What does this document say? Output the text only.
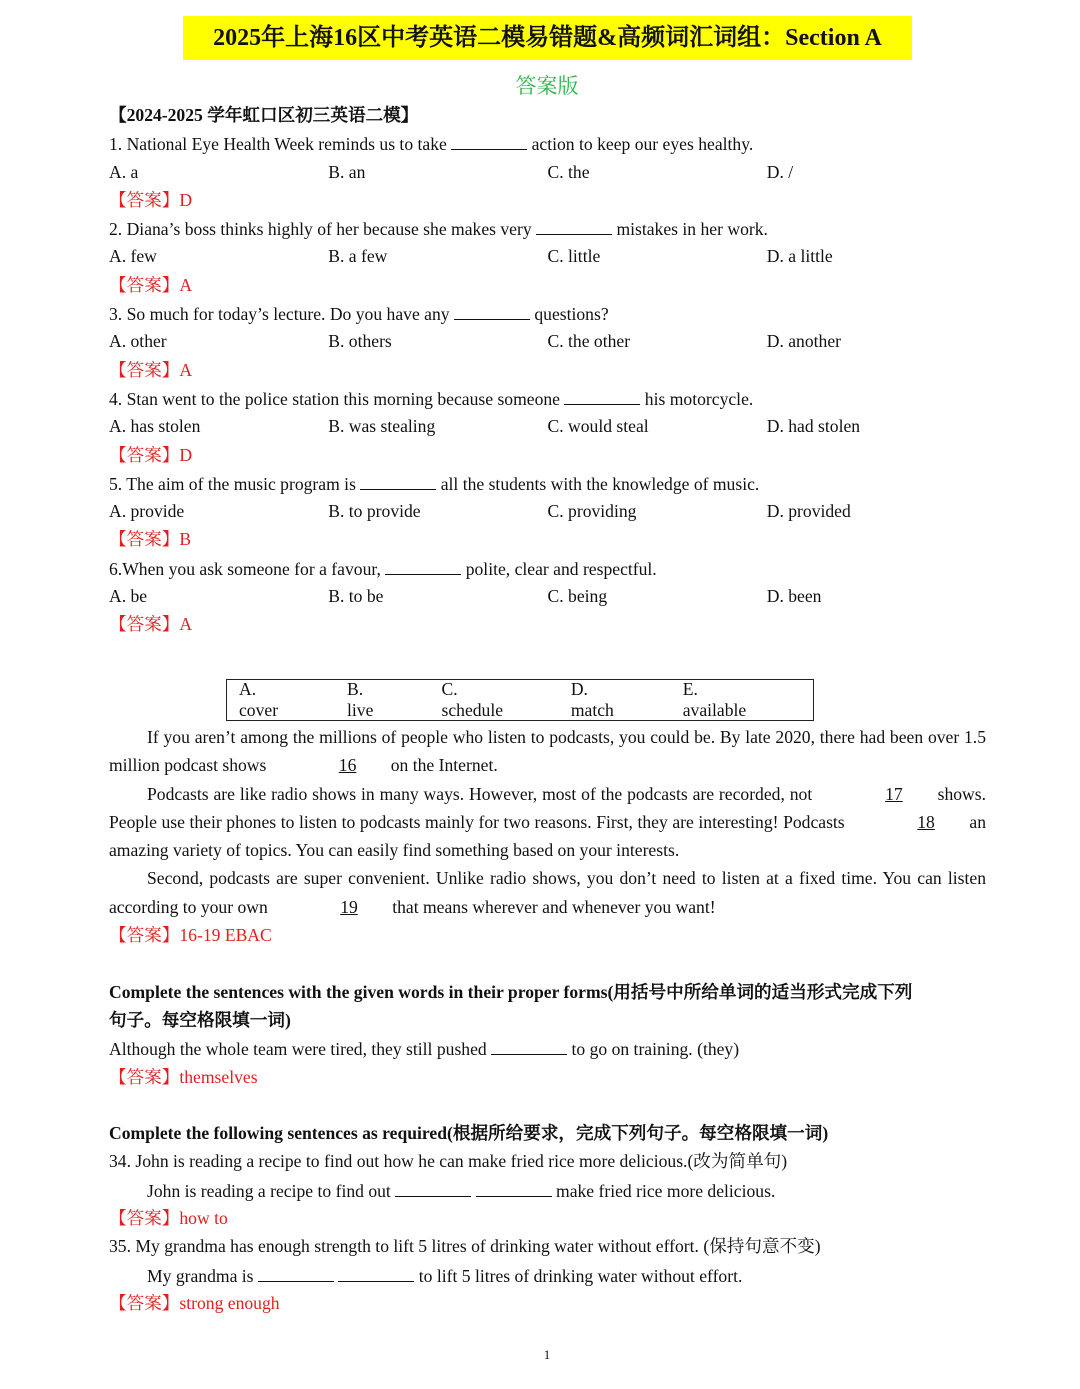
2025年上海16区中考英语二模易错题&高频词汇词组：Section A
答案版
【2024-2025 学年虹口区初三英语二模】
1. National Eye Health Week reminds us to take	action to keep our eyes healthy.
A. a	B. an	C. the	D. /
【答案】D
2. Diana’s boss thinks highly of her because she makes very	mistakes in her work.
A. few	B. a few	C. little	D. a little
【答案】A
3. So much for today’s lecture. Do you have any	questions?
A. other	B. others	C. the other	D. another
【答案】A
4. Stan went to the police station this morning because someone	his motorcycle.
A. has stolen	B. was stealing	C. would steal	D. had stolen
【答案】D
5. The aim of the music program is	all the students with the knowledge of music.
A. provide	B. to provide	C. providing	D. provided
【答案】B
6.When you ask someone for a favour,	polite, clear and respectful.
A. be	B. to be	C. being	D. been
【答案】A
A. cover
B. live
C. schedule
D. match
E. available

If you aren’t among the millions of people who listen to podcasts, you could be. By late 2020, there had been over 1.5 million podcast shows	16 on the Internet.

Podcasts are like radio shows in many ways. However, most of the podcasts are recorded, not	17 shows. People use their phones to listen to podcasts mainly for two reasons. First, they are interesting! Podcasts	18 an amazing variety of topics. You can easily find something based on your interests.

Second, podcasts are super convenient. Unlike radio shows, you don’t need to listen at a fixed time. You can listen according to your own	19 that means wherever and whenever you want!

【答案】16-19 EBAC
Complete the sentences with the given words in their proper forms(用括号中所给单词的适当形式完成下列
句子。每空格限填一词)
Although the whole team were tired, they still pushed	to go on training. (they)
【答案】themselves
Complete the following sentences as required(根据所给要求，完成下列句子。每空格限填一词)
34. John is reading a recipe to find out how he can make fried rice more delicious.(改为简单句)
John is reading a recipe to find out	make fried rice more delicious.
【答案】how to
35. My grandma has enough strength to lift 5 litres of drinking water without effort. (保持句意不变)
My grandma is	to lift 5 litres of drinking water without effort.
【答案】strong enough
1
